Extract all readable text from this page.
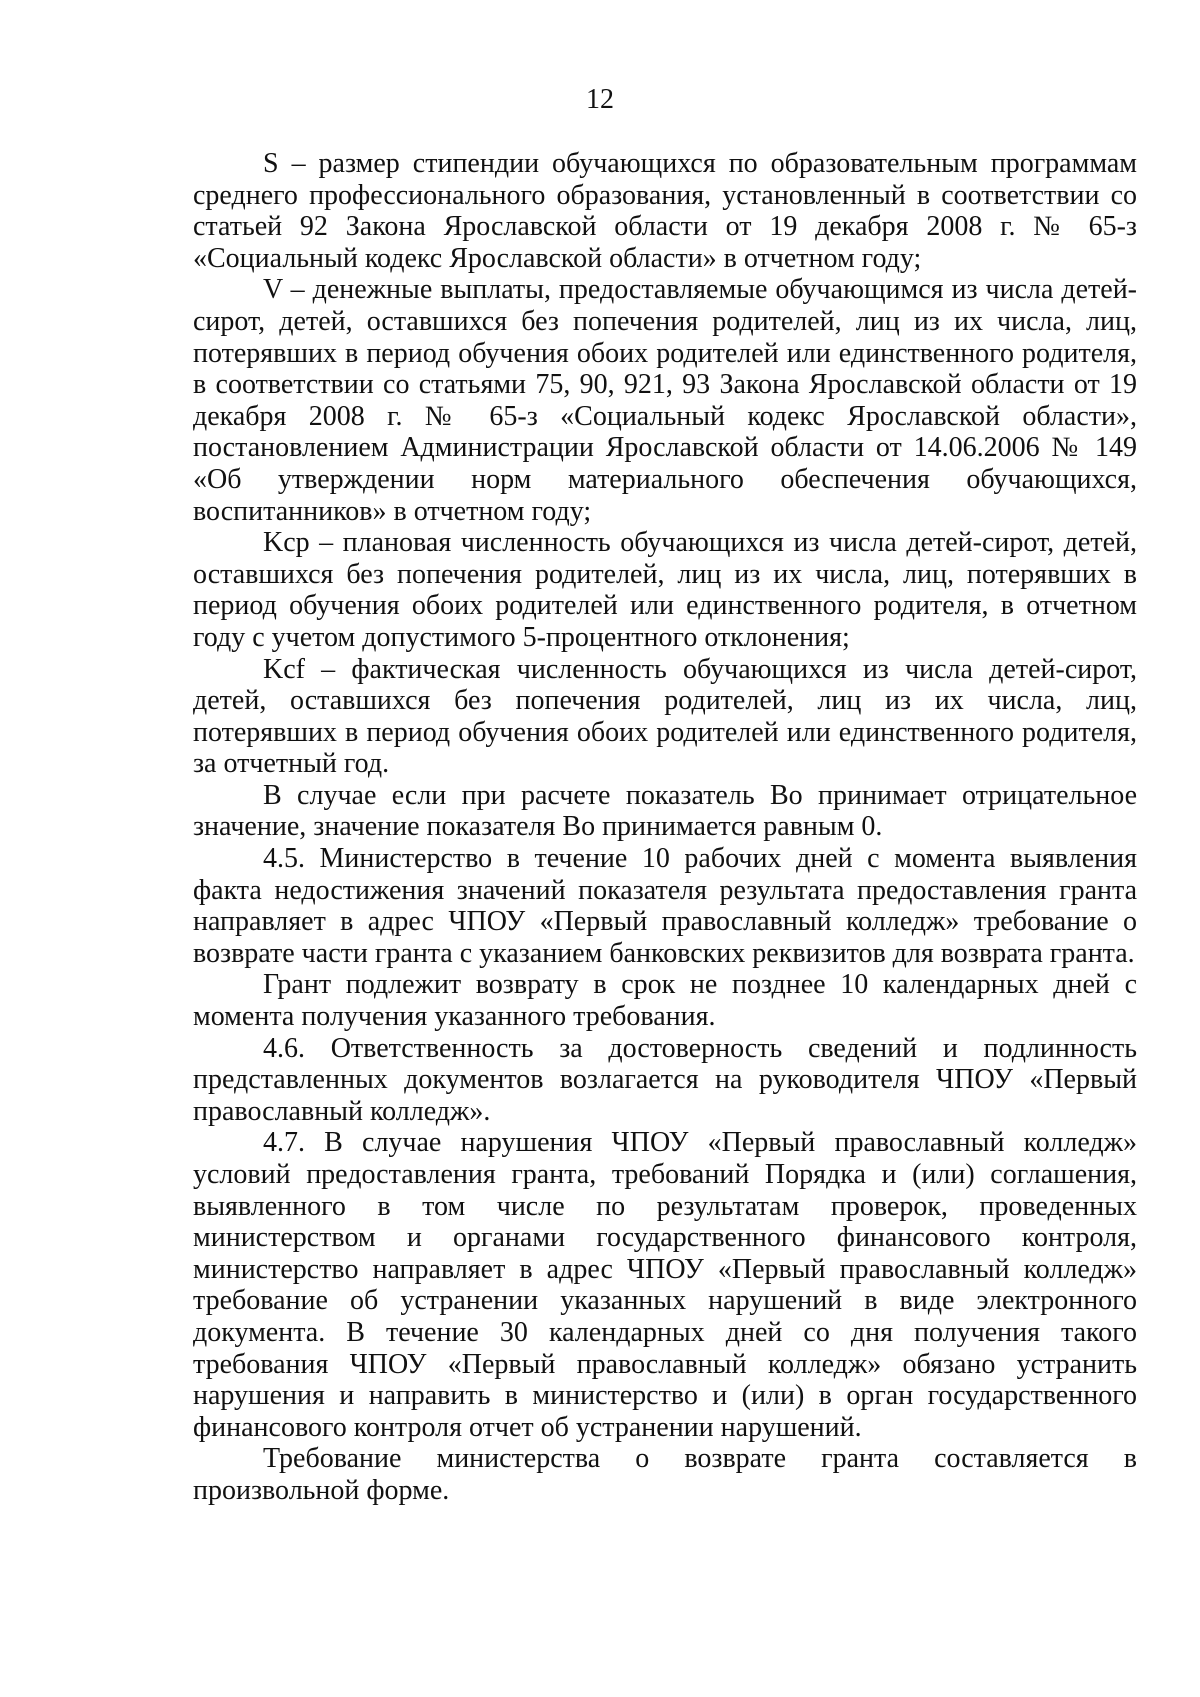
12

S – размер стипендии обучающихся по образовательным программам среднего профессионального образования, установленный в соответствии со статьей 92 Закона Ярославской области от 19 декабря 2008 г. № 65-з «Социальный кодекс Ярославской области» в отчетном году;

V – денежные выплаты, предоставляемые обучающимся из числа детей-сирот, детей, оставшихся без попечения родителей, лиц из их числа, лиц, потерявших в период обучения обоих родителей или единственного родителя, в соответствии со статьями 75, 90, 921, 93 Закона Ярославской области от 19 декабря 2008 г. № 65-з «Социальный кодекс Ярославской области», постановлением Администрации Ярославской области от 14.06.2006 № 149 «Об утверждении норм материального обеспечения обучающихся, воспитанников» в отчетном году;

Kcp – плановая численность обучающихся из числа детей-сирот, детей, оставшихся без попечения родителей, лиц из их числа, лиц, потерявших в период обучения обоих родителей или единственного родителя, в отчетном году с учетом допустимого 5-процентного отклонения;

Kcf – фактическая численность обучающихся из числа детей-сирот, детей, оставшихся без попечения родителей, лиц из их числа, лиц, потерявших в период обучения обоих родителей или единственного родителя, за отчетный год.

В случае если при расчете показатель Bо принимает отрицательное значение, значение показателя Bо принимается равным 0.

4.5. Министерство в течение 10 рабочих дней с момента выявления факта недостижения значений показателя результата предоставления гранта направляет в адрес ЧПОУ «Первый православный колледж» требование о возврате части гранта с указанием банковских реквизитов для возврата гранта.

Грант подлежит возврату в срок не позднее 10 календарных дней с момента получения указанного требования.

4.6. Ответственность за достоверность сведений и подлинность представленных документов возлагается на руководителя ЧПОУ «Первый православный колледж».

4.7. В случае нарушения ЧПОУ «Первый православный колледж» условий предоставления гранта, требований Порядка и (или) соглашения, выявленного в том числе по результатам проверок, проведенных министерством и органами государственного финансового контроля, министерство направляет в адрес ЧПОУ «Первый православный колледж» требование об устранении указанных нарушений в виде электронного документа. В течение 30 календарных дней со дня получения такого требования ЧПОУ «Первый православный колледж» обязано устранить нарушения и направить в министерство и (или) в орган государственного финансового контроля отчет об устранении нарушений.

Требование министерства о возврате гранта составляется в произвольной форме.
